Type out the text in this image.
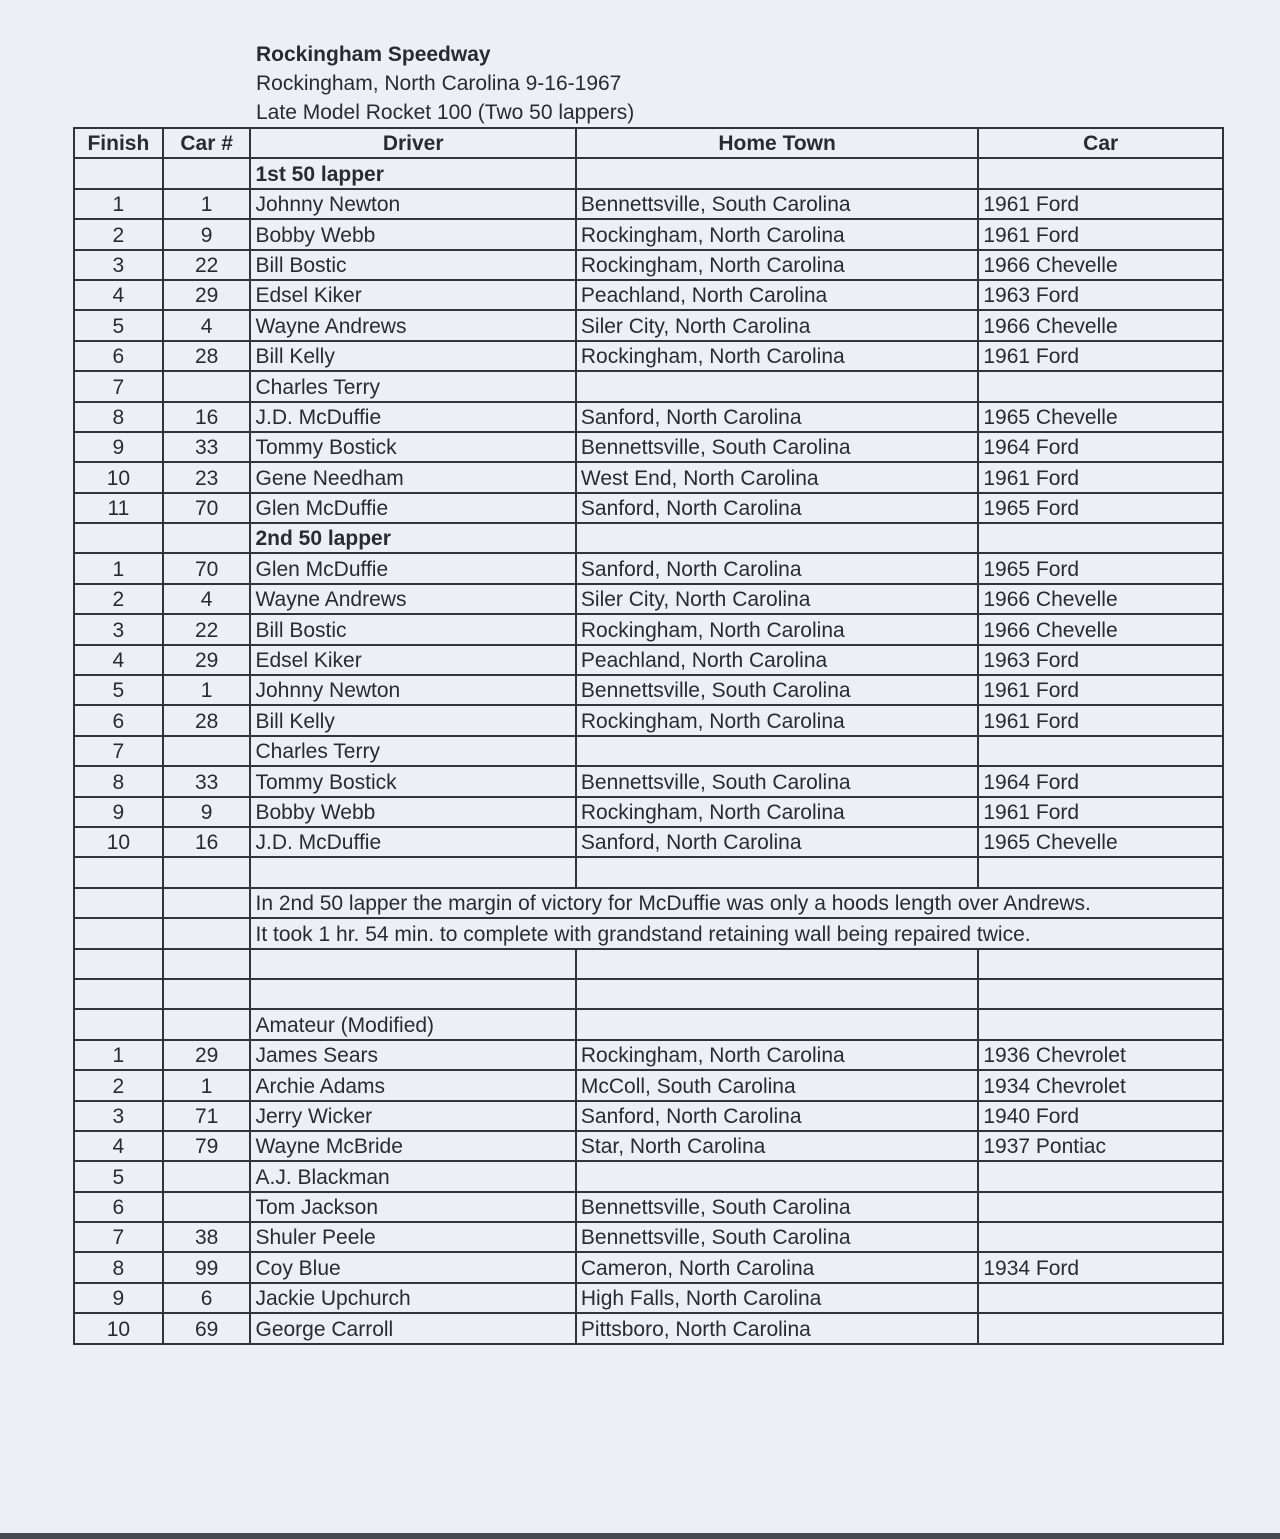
Rockingham Speedway
Rockingham, North Carolina 9-16-1967
Late Model Rocket 100 (Two 50 lappers)
Finish	Car #	Driver	Home Town	Car
		1st 50 lapper		
1	1	Johnny Newton	Bennettsville, South Carolina	1961 Ford
2	9	Bobby Webb	Rockingham, North Carolina	1961 Ford
3	22	Bill Bostic	Rockingham, North Carolina	1966 Chevelle
4	29	Edsel Kiker	Peachland, North Carolina	1963 Ford
5	4	Wayne Andrews	Siler City, North Carolina	1966 Chevelle
6	28	Bill Kelly	Rockingham, North Carolina	1961 Ford
7		Charles Terry		
8	16	J.D. McDuffie	Sanford, North Carolina	1965 Chevelle
9	33	Tommy Bostick	Bennettsville, South Carolina	1964 Ford
10	23	Gene Needham	West End, North Carolina	1961 Ford
11	70	Glen McDuffie	Sanford, North Carolina	1965 Ford
		2nd 50 lapper		
1	70	Glen McDuffie	Sanford, North Carolina	1965 Ford
2	4	Wayne Andrews	Siler City, North Carolina	1966 Chevelle
3	22	Bill Bostic	Rockingham, North Carolina	1966 Chevelle
4	29	Edsel Kiker	Peachland, North Carolina	1963 Ford
5	1	Johnny Newton	Bennettsville, South Carolina	1961 Ford
6	28	Bill Kelly	Rockingham, North Carolina	1961 Ford
7		Charles Terry		
8	33	Tommy Bostick	Bennettsville, South Carolina	1964 Ford
9	9	Bobby Webb	Rockingham, North Carolina	1961 Ford
10	16	J.D. McDuffie	Sanford, North Carolina	1965 Chevelle

		In 2nd 50 lapper the margin of victory for McDuffie was only a hoods length over Andrews.		
		It took 1 hr. 54 min. to complete with grandstand retaining wall being repaired twice.		

		Amateur (Modified)		
1	29	James Sears	Rockingham, North Carolina	1936 Chevrolet
2	1	Archie Adams	McColl, South Carolina	1934 Chevrolet
3	71	Jerry Wicker	Sanford, North Carolina	1940 Ford
4	79	Wayne McBride	Star, North Carolina	1937 Pontiac
5		A.J. Blackman		
6		Tom Jackson	Bennettsville, South Carolina	
7	38	Shuler Peele	Bennettsville, South Carolina	
8	99	Coy Blue	Cameron, North Carolina	1934 Ford
9	6	Jackie Upchurch	High Falls, North Carolina	
10	69	George Carroll	Pittsboro, North Carolina	
